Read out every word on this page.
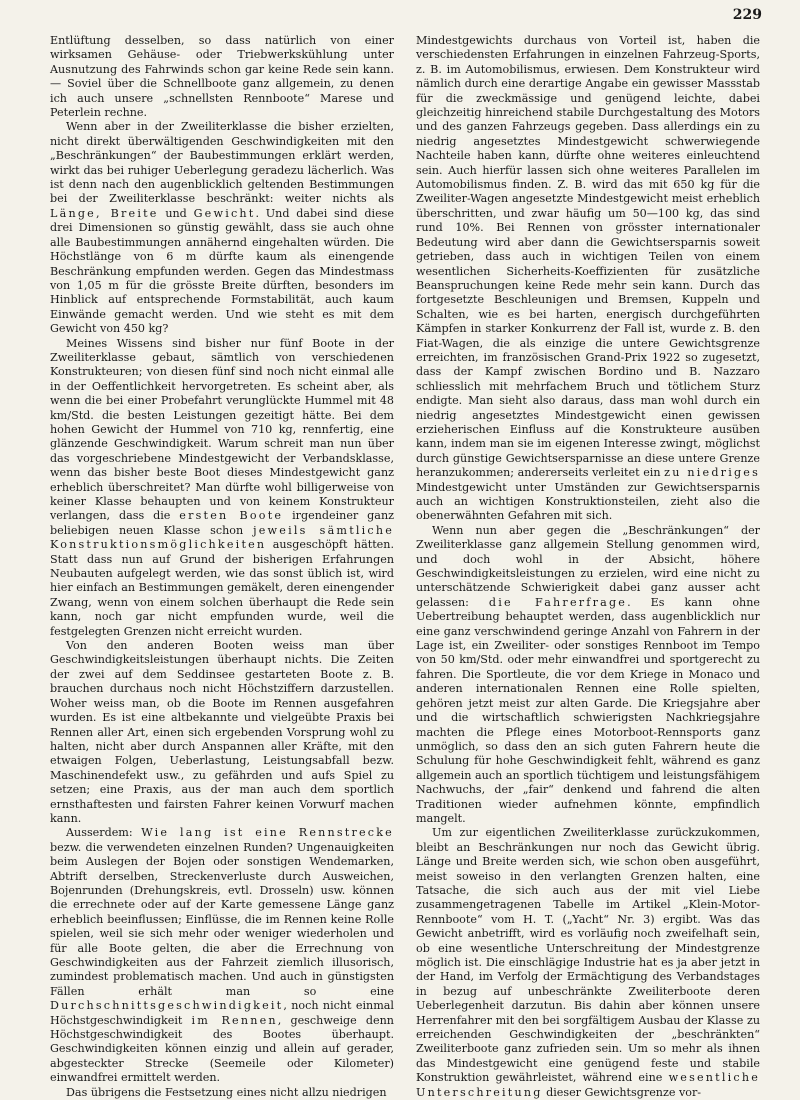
229

Entlüftung desselben, so dass natürlich von einer wirksamen Gehäuse- oder Triebwerkskühlung unter Ausnutzung des Fahrwinds schon gar keine Rede sein kann. — Soviel über die Schnellboote ganz allgemein, zu denen ich auch unsere „schnellsten Rennboote“ Marese und Peterlein rechne.

Wenn aber in der Zweiliterklasse die bisher erzielten, nicht direkt überwältigenden Geschwindigkeiten mit den „Beschränkungen“ der Baubestimmungen erklärt werden, wirkt das bei ruhiger Ueberlegung geradezu lächerlich. Was ist denn nach den augenblicklich geltenden Bestimmungen bei der Zweiliterklasse beschränkt: weiter nichts als Länge, Breite und Gewicht. Und dabei sind diese drei Dimensionen so günstig gewählt, dass sie auch ohne alle Baubestimmungen annähernd eingehalten würden. Die Höchstlänge von 6 m dürfte kaum als einengende Beschränkung empfunden werden. Gegen das Mindestmass von 1,05 m für die grösste Breite dürften, besonders im Hinblick auf entsprechende Formstabilität, auch kaum Einwände gemacht werden. Und wie steht es mit dem Gewicht von 450 kg?

Meines Wissens sind bisher nur fünf Boote in der Zweiliterklasse gebaut, sämtlich von verschiedenen Konstrukteuren; von diesen fünf sind noch nicht einmal alle in der Oeffentlichkeit hervorgetreten. Es scheint aber, als wenn die bei einer Probefahrt verunglückte Hummel mit 48 km/Std. die besten Leistungen gezeitigt hätte. Bei dem hohen Gewicht der Hummel von 710 kg, rennfertig, eine glänzende Geschwindigkeit. Warum schreit man nun über das vorgeschriebene Mindestgewicht der Verbandsklasse, wenn das bisher beste Boot dieses Mindestgewicht ganz erheblich überschreitet? Man dürfte wohl billigerweise von keiner Klasse behaupten und von keinem Konstrukteur verlangen, dass die ersten Boote irgendeiner ganz beliebigen neuen Klasse schon jeweils sämtliche Konstruktionsmöglichkeiten ausgeschöpft hätten. Statt dass nun auf Grund der bisherigen Erfahrungen Neubauten aufgelegt werden, wie das sonst üblich ist, wird hier einfach an Bestimmungen gemäkelt, deren einengender Zwang, wenn von einem solchen überhaupt die Rede sein kann, noch gar nicht empfunden wurde, weil die festgelegten Grenzen nicht erreicht wurden.

Von den anderen Booten weiss man über Geschwindigkeitsleistungen überhaupt nichts. Die Zeiten der zwei auf dem Seddinsee gestarteten Boote z. B. brauchen durchaus noch nicht Höchstziffern darzustellen. Woher weiss man, ob die Boote im Rennen ausgefahren wurden. Es ist eine altbekannte und vielgeübte Praxis bei Rennen aller Art, einen sich ergebenden Vorsprung wohl zu halten, nicht aber durch Anspannen aller Kräfte, mit den etwaigen Folgen, Ueberlastung, Leistungsabfall bezw. Maschinendefekt usw., zu gefährden und aufs Spiel zu setzen; eine Praxis, aus der man auch dem sportlich ernsthaftesten und fairsten Fahrer keinen Vorwurf machen kann.

Ausserdem: Wie lang ist eine Rennstrecke bezw. die verwendeten einzelnen Runden? Ungenauigkeiten beim Auslegen der Bojen oder sonstigen Wendemarken, Abtrift derselben, Streckenverluste durch Ausweichen, Bojenrunden (Drehungskreis, evtl. Drosseln) usw. können die errechnete oder auf der Karte gemessene Länge ganz erheblich beeinflussen; Einflüsse, die im Rennen keine Rolle spielen, weil sie sich mehr oder weniger wiederholen und für alle Boote gelten, die aber die Errechnung von Geschwindigkeiten aus der Fahrzeit ziemlich illusorisch, zumindest problematisch machen. Und auch in günstigsten Fällen erhält man so eine Durchschnittsgeschwindigkeit, noch nicht einmal Höchstgeschwindigkeit im Rennen, geschweige denn Höchstgeschwindigkeit des Bootes überhaupt. Geschwindigkeiten können einzig und allein auf gerader, abgesteckter Strecke (Seemeile oder Kilometer) einwandfrei ermittelt werden.

Das übrigens die Festsetzung eines nicht allzu niedrigen

Mindestgewichts durchaus von Vorteil ist, haben die verschiedensten Erfahrungen in einzelnen Fahrzeug-Sports, z. B. im Automobilismus, erwiesen. Dem Konstrukteur wird nämlich durch eine derartige Angabe ein gewisser Massstab für die zweckmässige und genügend leichte, dabei gleichzeitig hinreichend stabile Durchgestaltung des Motors und des ganzen Fahrzeugs gegeben. Dass allerdings ein zu niedrig angesetztes Mindestgewicht schwerwiegende Nachteile haben kann, dürfte ohne weiteres einleuchtend sein. Auch hierfür lassen sich ohne weiteres Parallelen im Automobilismus finden. Z. B. wird das mit 650 kg für die Zweiliter-Wagen angesetzte Mindestgewicht meist erheblich überschritten, und zwar häufig um 50—100 kg, das sind rund 10%. Bei Rennen von grösster internationaler Bedeutung wird aber dann die Gewichtsersparnis soweit getrieben, dass auch in wichtigen Teilen von einem wesentlichen Sicherheits-Koeffizienten für zusätzliche Beanspruchungen keine Rede mehr sein kann. Durch das fortgesetzte Beschleunigen und Bremsen, Kuppeln und Schalten, wie es bei harten, energisch durchgeführten Kämpfen in starker Konkurrenz der Fall ist, wurde z. B. den Fiat-Wagen, die als einzige die untere Gewichtsgrenze erreichten, im französischen Grand-Prix 1922 so zugesetzt, dass der Kampf zwischen Bordino und B. Nazzaro schliesslich mit mehrfachem Bruch und tötlichem Sturz endigte. Man sieht also daraus, dass man wohl durch ein niedrig angesetztes Mindestgewicht einen gewissen erzieherischen Einfluss auf die Konstrukteure ausüben kann, indem man sie im eigenen Interesse zwingt, möglichst durch günstige Gewichtsersparnisse an diese untere Grenze heranzukommen; andererseits verleitet ein zu niedriges Mindestgewicht unter Umständen zur Gewichtsersparnis auch an wichtigen Konstruktionsteilen, zieht also die obenerwähnten Gefahren mit sich.

Wenn nun aber gegen die „Beschränkungen“ der Zweiliterklasse ganz allgemein Stellung genommen wird, und doch wohl in der Absicht, höhere Geschwindigkeitsleistungen zu erzielen, wird eine nicht zu unterschätzende Schwierigkeit dabei ganz ausser acht gelassen: die Fahrerfrage. Es kann ohne Uebertreibung behauptet werden, dass augenblicklich nur eine ganz verschwindend geringe Anzahl von Fahrern in der Lage ist, ein Zweiliter- oder sonstiges Rennboot im Tempo von 50 km/Std. oder mehr einwandfrei und sportgerecht zu fahren. Die Sportleute, die vor dem Kriege in Monaco und anderen internationalen Rennen eine Rolle spielten, gehören jetzt meist zur alten Garde. Die Kriegsjahre aber und die wirtschaftlich schwierigsten Nachkriegsjahre machten die Pflege eines Motorboot-Rennsports ganz unmöglich, so dass den an sich guten Fahrern heute die Schulung für hohe Geschwindigkeit fehlt, während es ganz allgemein auch an sportlich tüchtigem und leistungsfähigem Nachwuchs, der „fair“ denkend und fahrend die alten Traditionen wieder aufnehmen könnte, empfindlich mangelt.

Um zur eigentlichen Zweiliterklasse zurückzukommen, bleibt an Beschränkungen nur noch das Gewicht übrig. Länge und Breite werden sich, wie schon oben ausgeführt, meist soweiso in den verlangten Grenzen halten, eine Tatsache, die sich auch aus der mit viel Liebe zusammengetragenen Tabelle im Artikel „Klein-Motor-Rennboote“ vom H. T. („Yacht“ Nr. 3) ergibt. Was das Gewicht anbetrifft, wird es vorläufig noch zweifelhaft sein, ob eine wesentliche Unterschreitung der Mindestgrenze möglich ist. Die einschlägige Industrie hat es ja aber jetzt in der Hand, im Verfolg der Ermächtigung des Verbandstages in bezug auf unbeschränkte Zweiliterboote deren Ueberlegenheit darzutun. Bis dahin aber können unsere Herrenfahrer mit den bei sorgfältigem Ausbau der Klasse zu erreichenden Geschwindigkeiten der „beschränkten“ Zweiliterboote ganz zufrieden sein. Um so mehr als ihnen das Mindestgewicht eine genügend feste und stabile Konstruktion gewährleistet, während eine wesentliche Unterschreitung dieser Gewichtsgrenze vor-
